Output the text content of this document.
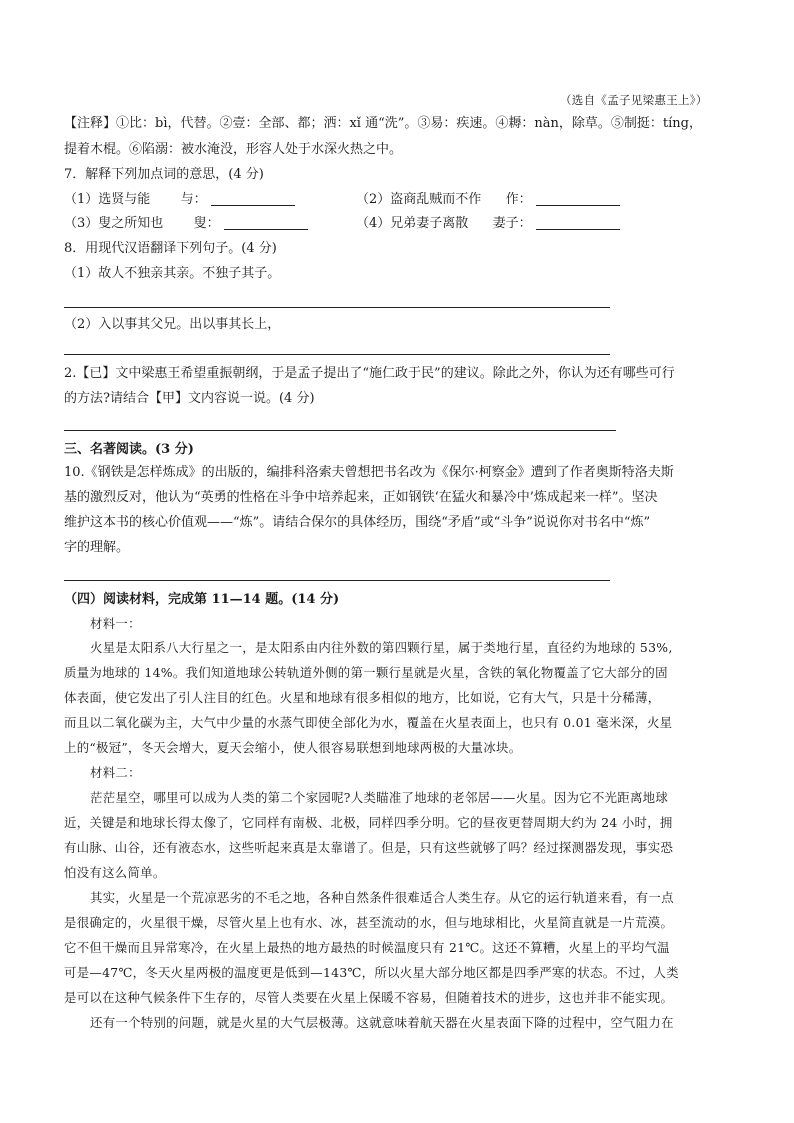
（选自《孟子见梁惠王上》）
【注释】①比：bì，代替。②壹：全部、都；洒：xǐ 通“洗”。③易：疾速。④耨：nàn，除草。⑤制挺：tíng，
提着木棍。⑥陷溺：被水淹没，形容人处于水深火热之中。
7．解释下列加点词的意思，(4 分)
（1）选贤与能 与：	（2）盗商乱贼而不作 作：
（3）叟之所知也 叟：	（4）兄弟妻子离散 妻子：
8．用现代汉语翻译下列句子。(4 分)
（1）故人不独亲其亲。不独子其子。
（2）入以事其父兄。出以事其长上，
2.【已】文中梁惠王希望重振朝纲，于是孟子提出了“施仁政于民”的建议。除此之外，你认为还有哪些可行
的方法?请结合【甲】文内容说一说。(4 分)
三、名著阅读。(3 分)
10.《钢铁是怎样炼成》的出版的，编排科洛索夫曾想把书名改为《保尔·柯察金》遭到了作者奥斯特洛夫斯
基的激烈反对，他认为“英勇的性格在斗争中培养起来，正如钢铁‘在猛火和暴冷中’炼成起来一样”。坚决
维护这本书的核心价值观——“炼”。请结合保尔的具体经历，围绕“矛盾”或“斗争”说说你对书名中“炼”
字的理解。
（四）阅读材料，完成第 11—14 题。(14 分)
材料一：
火星是太阳系八大行星之一，是太阳系由内往外数的第四颗行星，属于类地行星，直径约为地球的 53%,
质量为地球的 14%。我们知道地球公转轨道外侧的第一颗行星就是火星，含铁的氧化物覆盖了它大部分的固
体表面，使它发出了引人注目的红色。火星和地球有很多相似的地方，比如说，它有大气，只是十分稀薄，
而且以二氧化碳为主，大气中少量的水蒸气即使全部化为水，覆盖在火星表面上，也只有 0.01 毫米深，火星
上的“极冠”，冬天会增大，夏天会缩小，使人很容易联想到地球两极的大量冰块。
材料二：
茫茫星空，哪里可以成为人类的第二个家园呢?人类瞄准了地球的老邻居——火星。因为它不光距离地球
近，关键是和地球长得太像了，它同样有南极、北极，同样四季分明。它的昼夜更替周期大约为 24 小时，拥
有山脉、山谷，还有液态水，这些听起来真是太靠谱了。但是，只有这些就够了吗？经过探测器发现，事实恐
怕没有这么简单。
其实，火星是一个荒凉恶劣的不毛之地，各种自然条件很难适合人类生存。从它的运行轨道来看，有一点
是很确定的，火星很干燥，尽管火星上也有水、冰，甚至流动的水，但与地球相比，火星简直就是一片荒漠。
它不但干燥而且异常寒冷，在火星上最热的地方最热的时候温度只有 21℃。这还不算糟，火星上的平均气温
可是—47℃，冬天火星两极的温度更是低到—143℃，所以火星大部分地区都是四季严寒的状态。不过，人类
是可以在这种气候条件下生存的，尽管人类要在火星上保暖不容易，但随着技术的进步，这也并非不能实现。
还有一个特别的问题，就是火星的大气层极薄。这就意味着航天器在火星表面下降的过程中，空气阻力在
